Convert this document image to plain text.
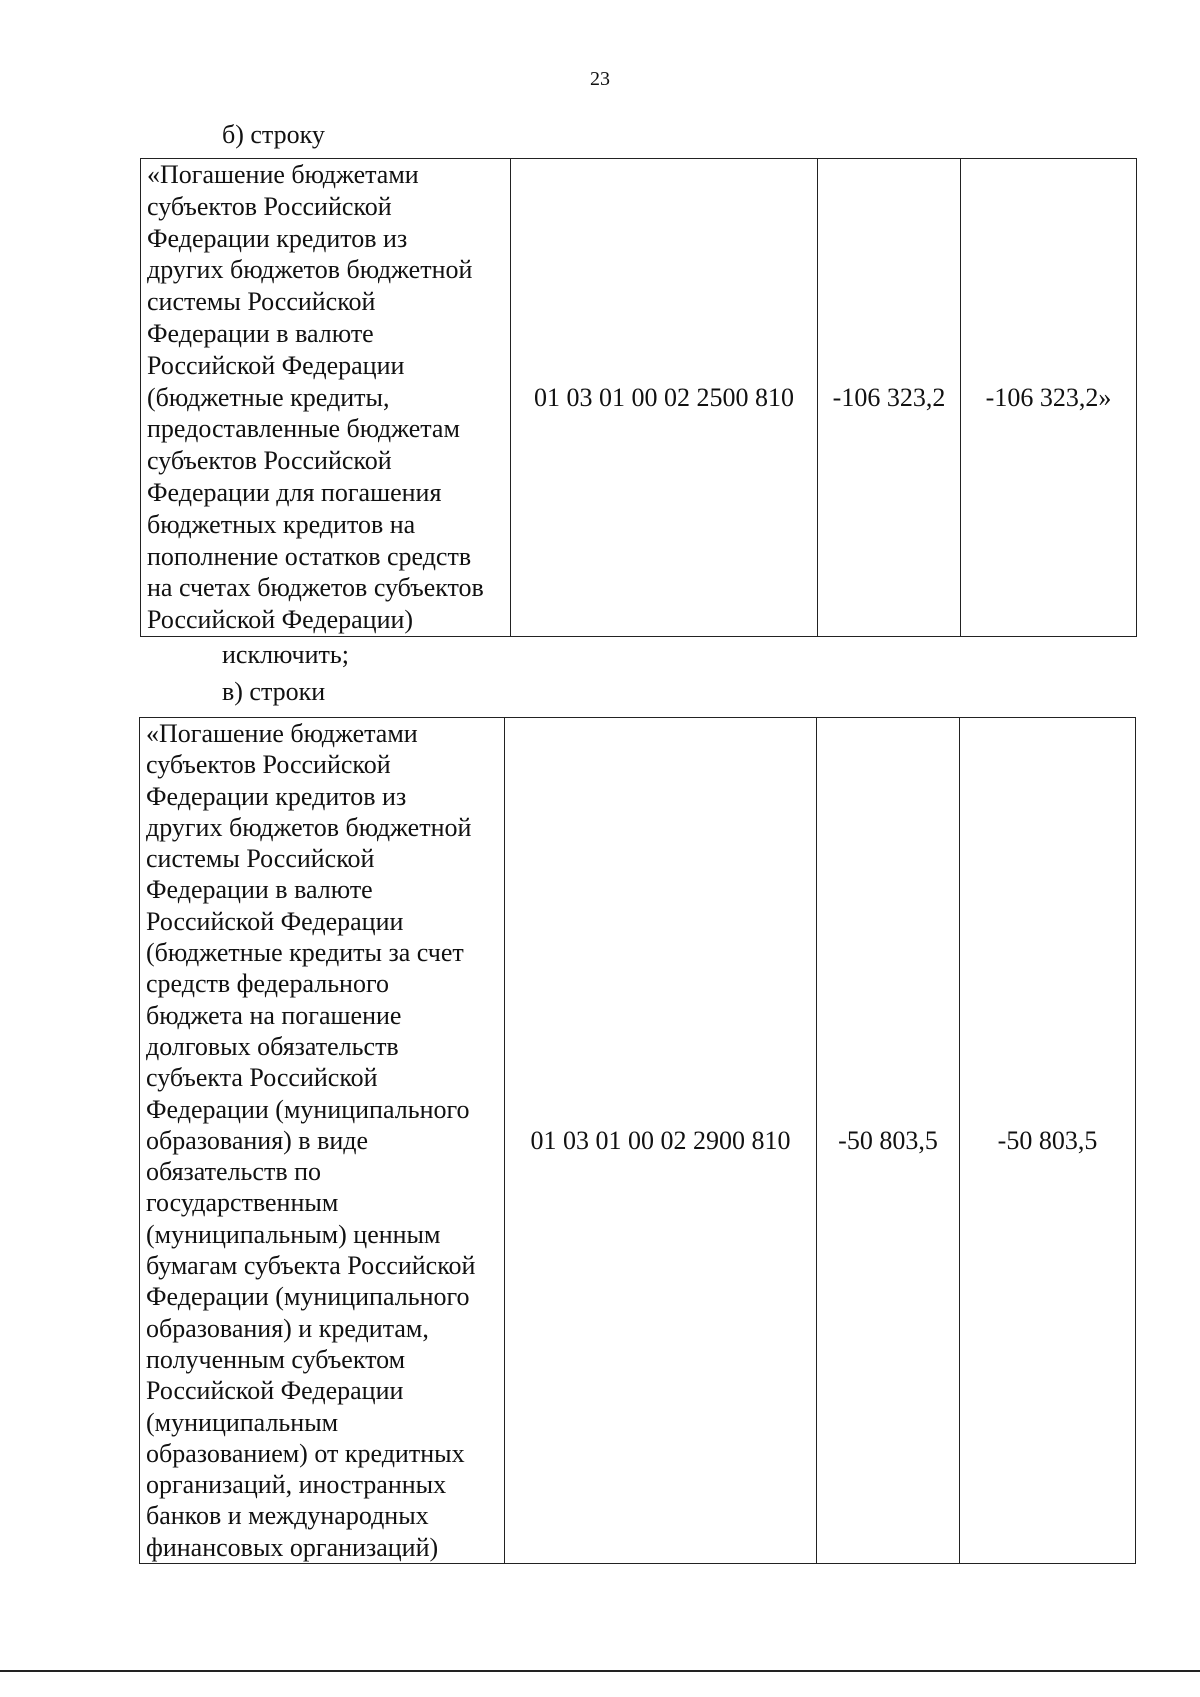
23
б) строку
«Погашение бюджетами
субъектов Российской
Федерации кредитов из
других бюджетов бюджетной
системы Российской
Федерации в валюте
Российской Федерации
(бюджетные кредиты,
предоставленные бюджетам
субъектов Российской
Федерации для погашения
бюджетных кредитов на
пополнение остатков средств
на счетах бюджетов субъектов
Российской Федерации)
	01 03 01 00 02 2500 810	-106 323,2	-106 323,2»
исключить;
в) строки
«Погашение бюджетами
субъектов Российской
Федерации кредитов из
других бюджетов бюджетной
системы Российской
Федерации в валюте
Российской Федерации
(бюджетные кредиты за счет
средств федерального
бюджета на погашение
долговых обязательств
субъекта Российской
Федерации (муниципального
образования) в виде
обязательств по
государственным
(муниципальным) ценным
бумагам субъекта Российской
Федерации (муниципального
образования) и кредитам,
полученным субъектом
Российской Федерации
(муниципальным
образованием) от кредитных
организаций, иностранных
банков и международных
финансовых организаций)
	01 03 01 00 02 2900 810	-50 803,5	-50 803,5
